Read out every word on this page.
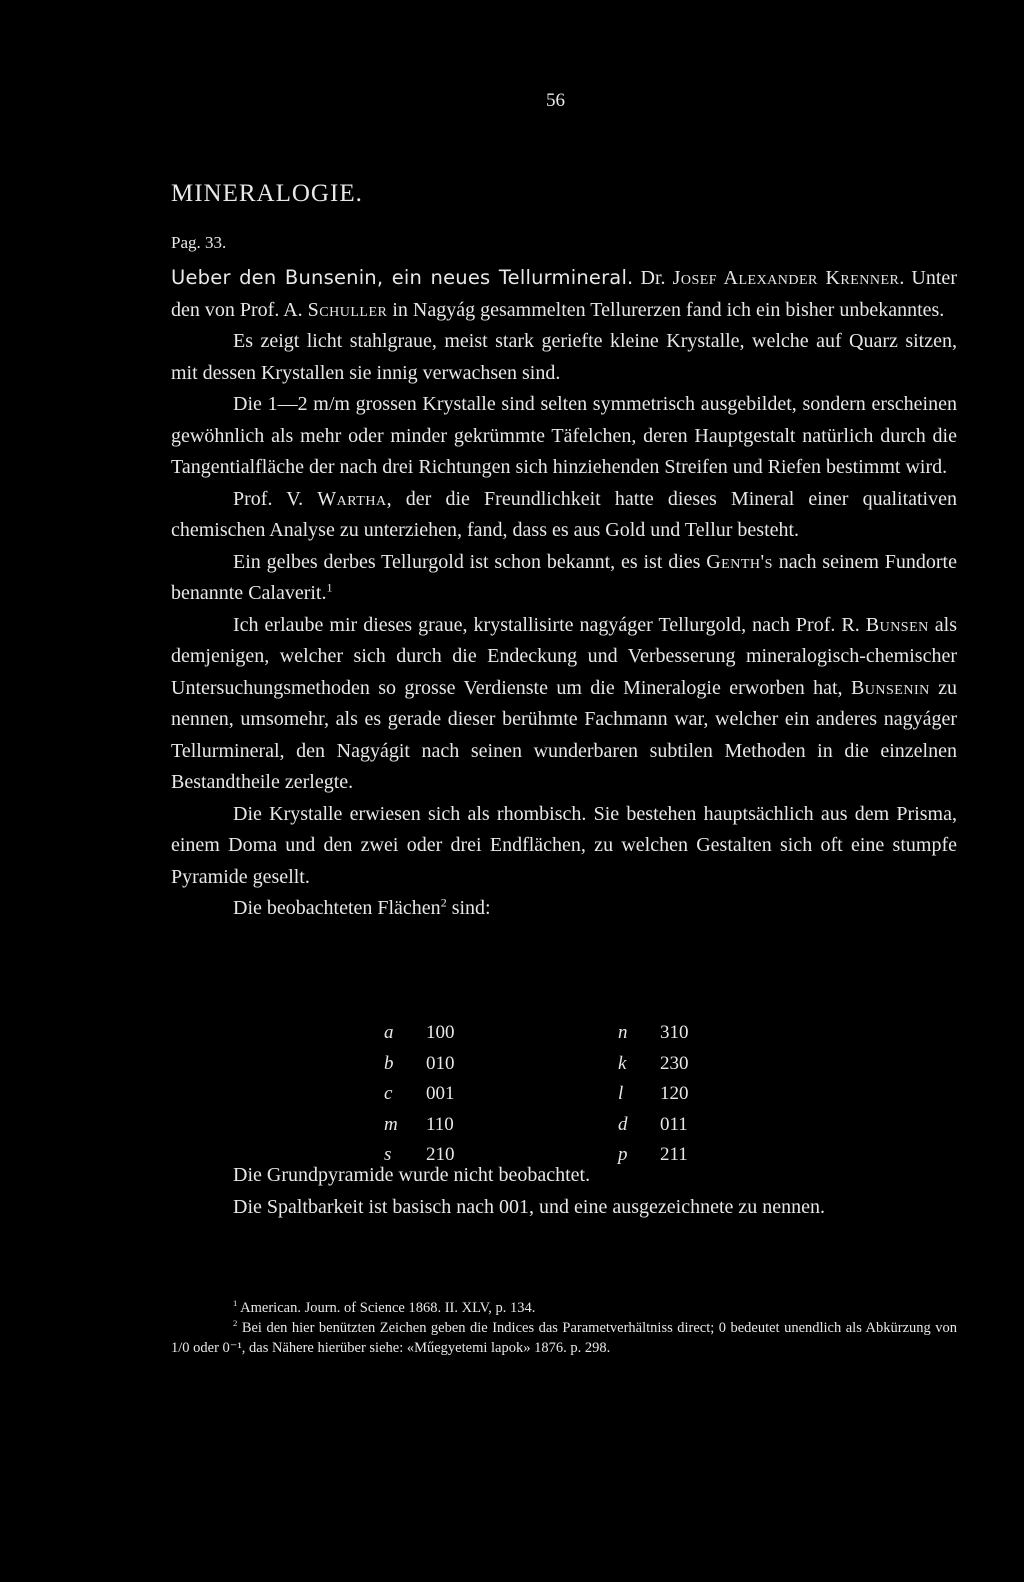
56
MINERALOGIE.
Pag. 33.

Ueber den Bunsenin, ein neues Tellurmineral. Dr. Josef Alexander Krenner. Unter den von Prof. A. Schuller in Nagyág gesammelten Tellurerzen fand ich ein bisher unbekanntes.

Es zeigt licht stahlgraue, meist stark geriefte kleine Krystalle, welche auf Quarz sitzen, mit dessen Krystallen sie innig verwachsen sind.

Die 1—2 m/m grossen Krystalle sind selten symmetrisch ausgebildet, sondern erscheinen gewöhnlich als mehr oder minder gekrümmte Täfelchen, deren Hauptgestalt natürlich durch die Tangentialfläche der nach drei Richtungen sich hinziehenden Streifen und Riefen bestimmt wird.

Prof. V. Wartha, der die Freundlichkeit hatte dieses Mineral einer qualitativen chemischen Analyse zu unterziehen, fand, dass es aus Gold und Tellur besteht.

Ein gelbes derbes Tellurgold ist schon bekannt, es ist dies Genth's nach seinem Fundorte benannte Calaverit.$^1$

Ich erlaube mir dieses graue, krystallisirte nagyáger Tellurgold, nach Prof. R. Bunsen als demjenigen, welcher sich durch die Endeckung und Verbesserung mineralogisch-chemischer Untersuchungsmethoden so grosse Verdienste um die Mineralogie erworben hat, Bunsenin zu nennen, umsomehr, als es gerade dieser berühmte Fachmann war, welcher ein anderes nagyáger Tellurmineral, den Nagyágit nach seinen wunderbaren subtilen Methoden in die einzelnen Bestandtheile zerlegte.

Die Krystalle erwiesen sich als rhombisch. Sie bestehen hauptsächlich aus dem Prisma, einem Doma und den zwei oder drei Endflächen, zu welchen Gestalten sich oft eine stumpfe Pyramide gesellt.

Die beobachteten Flächen$^2$ sind:

a	100	n	310
b	010	k	230
c	001	l	120
m	110	d	011
s	210	p	211

Die Grundpyramide wurde nicht beobachtet.

Die Spaltbarkeit ist basisch nach 001, und eine ausgezeichnete zu nennen.

$^1$ American. Journ. of Science 1868. II. XLV, p. 134.

$^2$ Bei den hier benützten Zeichen geben die Indices das Parametverhältniss direct; 0 bedeutet unendlich als Abkürzung von 1/0 oder 0⁻¹, das Nähere hierüber siehe: «Műegyetemi lapok» 1876. p. 298.
